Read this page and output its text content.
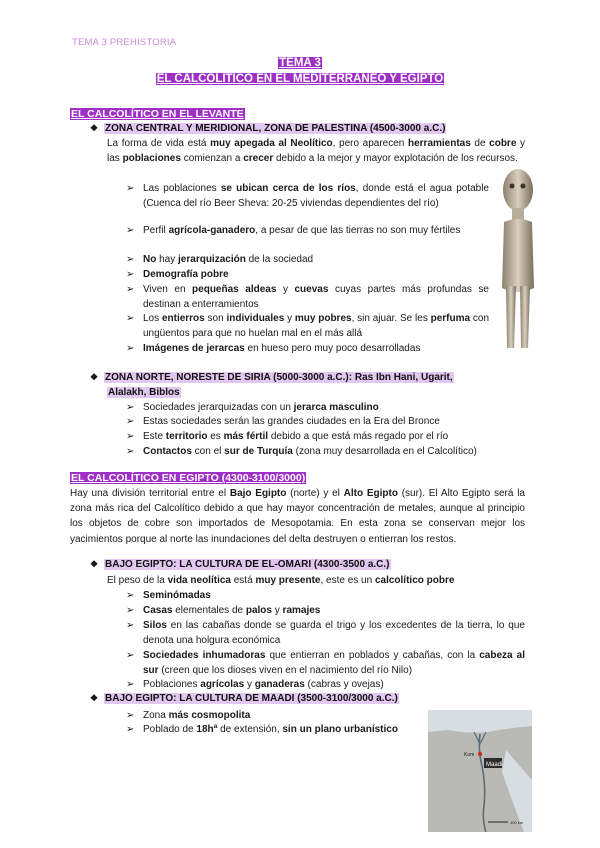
TEMA 3 PREHISTORIA
TEMA 3
EL CALCOLÍTICO EN EL MEDITERRÁNEO Y EGIPTO
EL CALCOLÍTICO EN EL LEVANTE
❖ ZONA CENTRAL Y MERIDIONAL, ZONA DE PALESTINA (4500-3000 a.C.)
La forma de vida está muy apegada al Neolítico, pero aparecen herramientas de cobre y las poblaciones comienzan a crecer debido a la mejor y mayor explotación de los recursos.
➢ Las poblaciones se ubican cerca de los ríos, donde está el agua potable (Cuenca del río Beer Sheva: 20-25 viviendas dependientes del río)
➢ Perfil agrícola-ganadero, a pesar de que las tierras no son muy fértiles
➢ No hay jerarquización de la sociedad
➢ Demografía pobre
➢ Viven en pequeñas aldeas y cuevas cuyas partes más profundas se destinan a enterramientos
➢ Los entierros son individuales y muy pobres, sin ajuar. Se les perfuma con ungüentos para que no huelan mal en el más allá
➢ Imágenes de jerarcas en hueso pero muy poco desarrolladas
❖ ZONA NORTE, NORESTE DE SIRIA (5000-3000 a.C.): Ras Ibn Hani, Ugarit,
Alalakh, Biblos
➢ Sociedades jerarquizadas con un jerarca masculino
➢ Estas sociedades serán las grandes ciudades en la Era del Bronce
➢ Este territorio es más fértil debido a que está más regado por el río
➢ Contactos con el sur de Turquía (zona muy desarrollada en el Calcolítico)
EL CALCOLÍTICO EN EGIPTO (4300-3100/3000)
Hay una división territorial entre el Bajo Egipto (norte) y el Alto Egipto (sur). El Alto Egipto será la zona más rica del Calcolítico debido a que hay mayor concentración de metales, aunque al principio los objetos de cobre son importados de Mesopotamia. En esta zona se conservan mejor los yacimientos porque al norte las inundaciones del delta destruyen o entierran los restos.
❖ BAJO EGIPTO: LA CULTURA DE EL-OMARI (4300-3500 a.C.)
El peso de la vida neolítica está muy presente, este es un calcolítico pobre
➢ Seminómadas
➢ Casas elementales de palos y ramajes
➢ Silos en las cabañas donde se guarda el trigo y los excedentes de la tierra, lo que denota una holgura económica
➢ Sociedades inhumadoras que entierran en poblados y cabañas, con la cabeza al sur (creen que los dioses viven en el nacimiento del río Nilo)
➢ Poblaciones agrícolas y ganaderas (cabras y ovejas)
❖ BAJO EGIPTO: LA CULTURA DE MAADI (3500-3100/3000 a.C.)
➢ Zona más cosmopolita
➢ Poblado de 18hª de extensión, sin un plano urbanístico
Maadi
Kom
100 km
